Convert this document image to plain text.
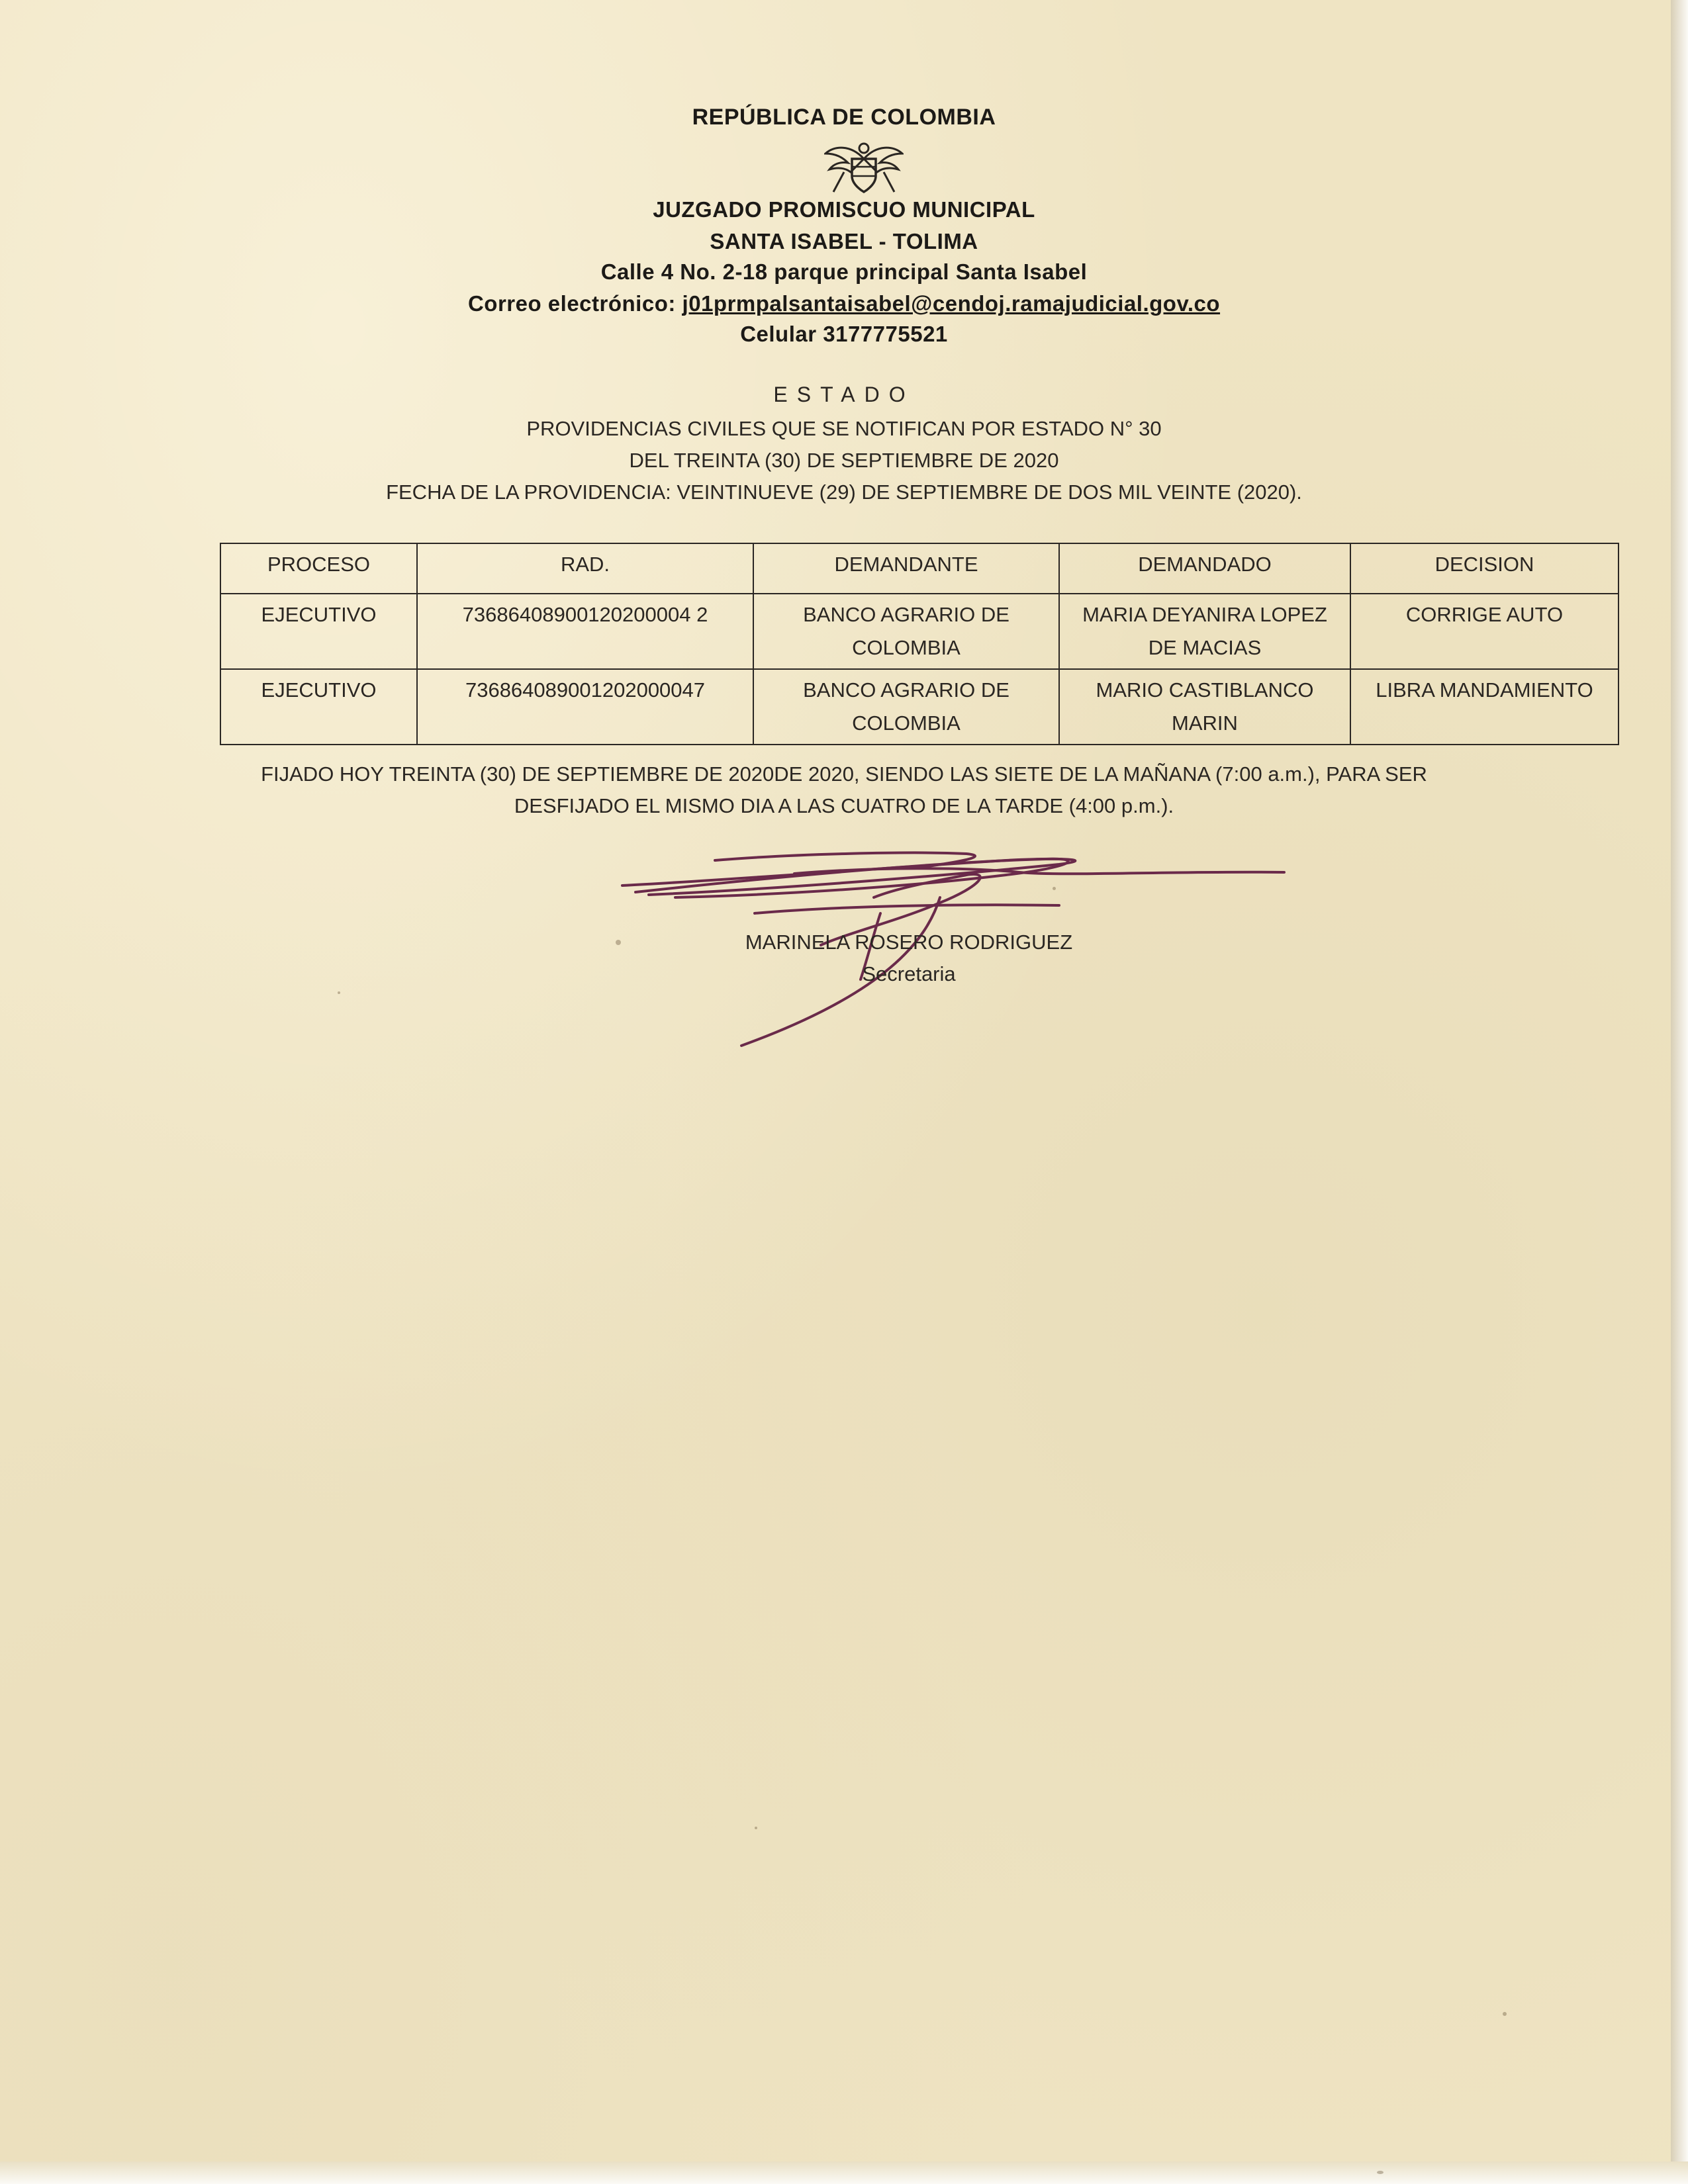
REPÚBLICA DE COLOMBIA
JUZGADO PROMISCUO MUNICIPAL
SANTA ISABEL - TOLIMA
Calle 4 No. 2-18 parque principal Santa Isabel
Correo electrónico: j01prmpalsantaisabel@cendoj.ramajudicial.gov.co
Celular 3177775521
ESTADO
PROVIDENCIAS CIVILES QUE SE NOTIFICAN POR ESTADO N° 30
DEL TREINTA (30) DE SEPTIEMBRE DE 2020
FECHA DE LA PROVIDENCIA: VEINTINUEVE (29) DE SEPTIEMBRE DE DOS MIL VEINTE (2020).
PROCESO	RAD.	DEMANDANTE	DEMANDADO	DECISION
EJECUTIVO	73686408900120200004 2	BANCO AGRARIO DE COLOMBIA	MARIA DEYANIRA LOPEZ DE MACIAS	CORRIGE AUTO
EJECUTIVO	736864089001202000047	BANCO AGRARIO DE COLOMBIA	MARIO CASTIBLANCO MARIN	LIBRA MANDAMIENTO
FIJADO HOY TREINTA (30) DE SEPTIEMBRE DE 2020DE 2020, SIENDO LAS SIETE DE LA MAÑANA (7:00 a.m.), PARA SER
DESFIJADO EL MISMO DIA A LAS CUATRO DE LA TARDE (4:00 p.m.).
MARINELA ROSERO RODRIGUEZ
Secretaria
